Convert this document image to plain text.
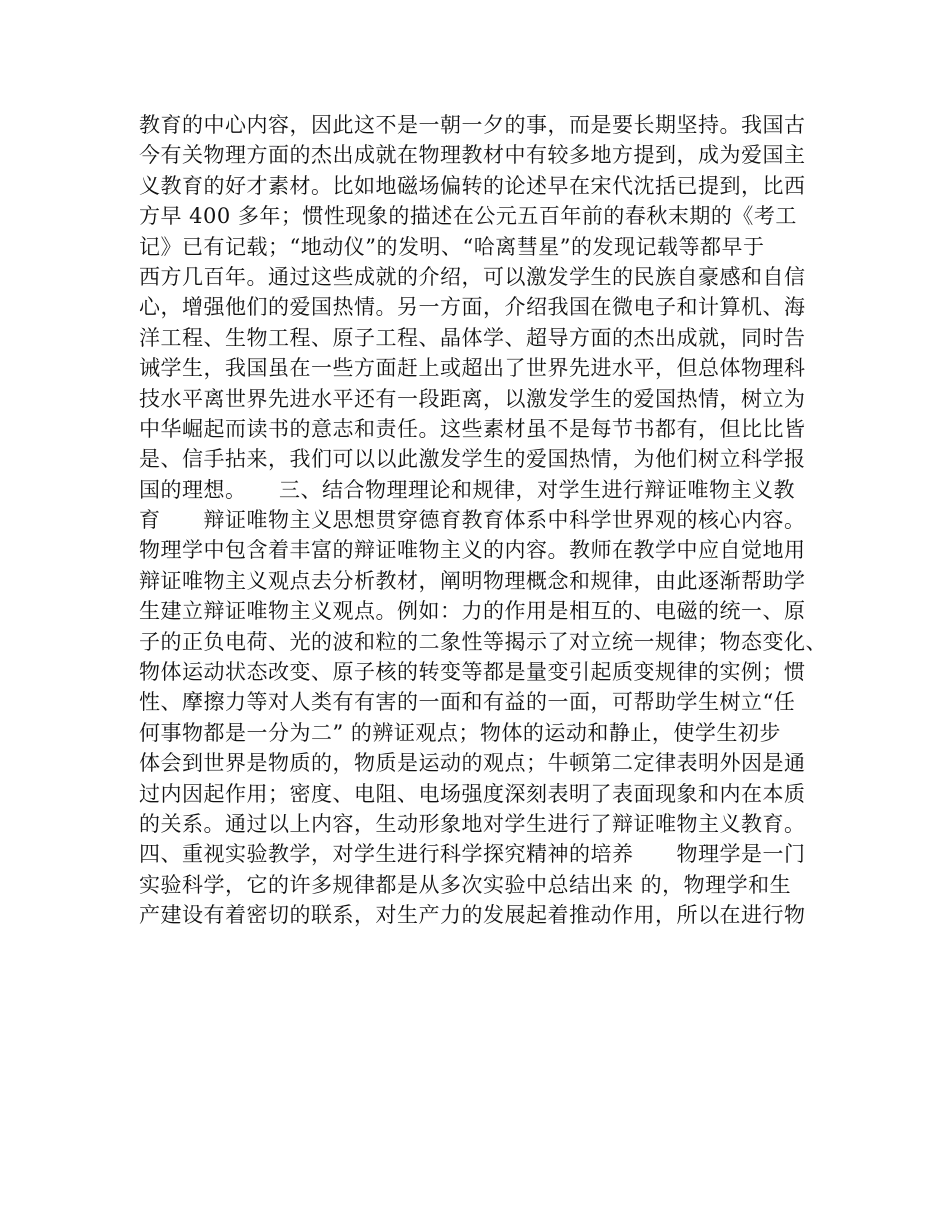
教育的中心内容，因此这不是一朝一夕的事，而是要长期坚持。我国古
今有关物理方面的杰出成就在物理教材中有较多地方提到，成为爱国主
义教育的好才素材。比如地磁场偏转的论述早在宋代沈括已提到，比西
方早 400 多年；惯性现象的描述在公元五百年前的春秋末期的《考工
记》已有记载；“地动仪”的发明、“哈离彗星”的发现记载等都早于
西方几百年。通过这些成就的介绍，可以激发学生的民族自豪感和自信
心，增强他们的爱国热情。另一方面，介绍我国在微电子和计算机、海
洋工程、生物工程、原子工程、晶体学、超导方面的杰出成就，同时告
诫学生，我国虽在一些方面赶上或超出了世界先进水平，但总体物理科
技水平离世界先进水平还有一段距离，以激发学生的爱国热情，树立为
中华崛起而读书的意志和责任。这些素材虽不是每节书都有，但比比皆
是、信手拈来，我们可以以此激发学生的爱国热情，为他们树立科学报
国的理想。　　三、结合物理理论和规律，对学生进行辩证唯物主义教
育　　辩证唯物主义思想贯穿德育教育体系中科学世界观的核心内容。
物理学中包含着丰富的辩证唯物主义的内容。教师在教学中应自觉地用
辩证唯物主义观点去分析教材，阐明物理概念和规律，由此逐渐帮助学
生建立辩证唯物主义观点。例如：力的作用是相互的、电磁的统一、原
子的正负电荷、光的波和粒的二象性等揭示了对立统一规律；物态变化、
物体运动状态改变、原子核的转变等都是量变引起质变规律的实例；惯
性、摩擦力等对人类有有害的一面和有益的一面，可帮助学生树立“任
何事物都是一分为二” 的辨证观点；物体的运动和静止，使学生初步
体会到世界是物质的，物质是运动的观点；牛顿第二定律表明外因是通
过内因起作用；密度、电阻、电场强度深刻表明了表面现象和内在本质
的关系。通过以上内容，生动形象地对学生进行了辩证唯物主义教育。
四、重视实验教学，对学生进行科学探究精神的培养　　物理学是一门
实验科学，它的许多规律都是从多次实验中总结出来 的，物理学和生
产建设有着密切的联系，对生产力的发展起着推动作用，所以在进行物
